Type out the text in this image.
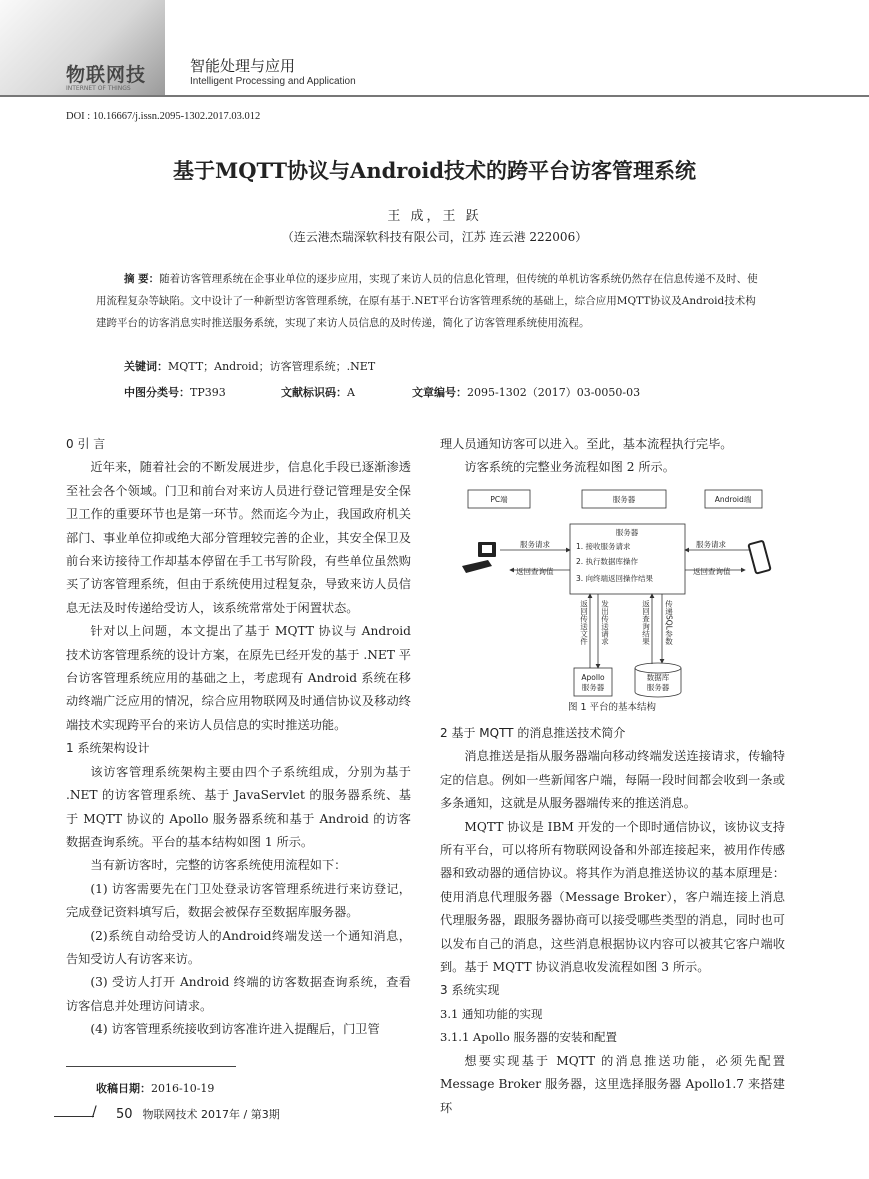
物联网技
INTERNET OF THINGS
智能处理与应用
Intelligent Processing and Application
DOI : 10.16667/j.issn.2095-1302.2017.03.012
基于MQTT协议与Android技术的跨平台访客管理系统
王 成，王 跃
（连云港杰瑞深软科技有限公司，江苏 连云港 222006）
摘 要：随着访客管理系统在企事业单位的逐步应用，实现了来访人员的信息化管理，但传统的单机访客系统仍然存在信息传递不及时、使用流程复杂等缺陷。文中设计了一种新型访客管理系统，在原有基于.NET平台访客管理系统的基础上，综合应用MQTT协议及Android技术构建跨平台的访客消息实时推送服务系统，实现了来访人员信息的及时传递，简化了访客管理系统使用流程。
关键词：MQTT；Android；访客管理系统；.NET
中图分类号：TP393	文献标识码：A	文章编号：2095-1302（2017）03-0050-03
0 引 言

近年来，随着社会的不断发展进步，信息化手段已逐渐渗透至社会各个领域。门卫和前台对来访人员进行登记管理是安全保卫工作的重要环节也是第一环节。然而迄今为止，我国政府机关部门、事业单位抑或绝大部分管理较完善的企业，其安全保卫及前台来访接待工作却基本停留在手工书写阶段，有些单位虽然购买了访客管理系统，但由于系统使用过程复杂，导致来访人员信息无法及时传递给受访人，该系统常常处于闲置状态。

针对以上问题，本文提出了基于 MQTT 协议与 Android 技术访客管理系统的设计方案，在原先已经开发的基于 .NET 平台访客管理系统应用的基础之上，考虑现有 Android 系统在移动终端广泛应用的情况，综合应用物联网及时通信协议及移动终端技术实现跨平台的来访人员信息的实时推送功能。

1 系统架构设计

该访客管理系统架构主要由四个子系统组成，分别为基于 .NET 的访客管理系统、基于 JavaServlet 的服务器系统、基于 MQTT 协议的 Apollo 服务器系统和基于 Android 的访客数据查询系统。平台的基本结构如图 1 所示。

当有新访客时，完整的访客系统使用流程如下：

(1) 访客需要先在门卫处登录访客管理系统进行来访登记，完成登记资料填写后，数据会被保存至数据库服务器。

(2)系统自动给受访人的Android终端发送一个通知消息，告知受访人有访客来访。

(3) 受访人打开 Android 终端的访客数据查询系统，查看访客信息并处理访问请求。

(4) 访客管理系统接收到访客准许进入提醒后，门卫管

理人员通知访客可以进入。至此，基本流程执行完毕。

访客系统的完整业务流程如图 2 所示。

PC端	服务器	Android端
服务器
1. 接收服务请求
2. 执行数据库操作
3. 向终端返回操作结果
服务请求
返回查询值
服务请求
返回查询值
Apollo
服务器
数据库
服务器
返回传送文件 发出传送请求	返回查询结果 传递SQL参数
图 1 平台的基本结构
2 基于 MQTT 的消息推送技术简介

消息推送是指从服务器端向移动终端发送连接请求，传输特定的信息。例如一些新闻客户端，每隔一段时间都会收到一条或多条通知，这就是从服务器端传来的推送消息。

MQTT 协议是 IBM 开发的一个即时通信协议，该协议支持所有平台，可以将所有物联网设备和外部连接起来，被用作传感器和致动器的通信协议。将其作为消息推送协议的基本原理是：使用消息代理服务器（Message Broker），客户端连接上消息代理服务器，跟服务器协商可以接受哪些类型的消息，同时也可以发布自己的消息，这些消息根据协议内容可以被其它客户端收到。基于 MQTT 协议消息收发流程如图 3 所示。

3 系统实现
3.1 通知功能的实现
3.1.1 Apollo 服务器的安装和配置

想要实现基于 MQTT 的消息推送功能，必须先配置 Message Broker 服务器，这里选择服务器 Apollo1.7 来搭建环

收稿日期：2016-10-19
/ 50 物联网技术 2017年 / 第3期
